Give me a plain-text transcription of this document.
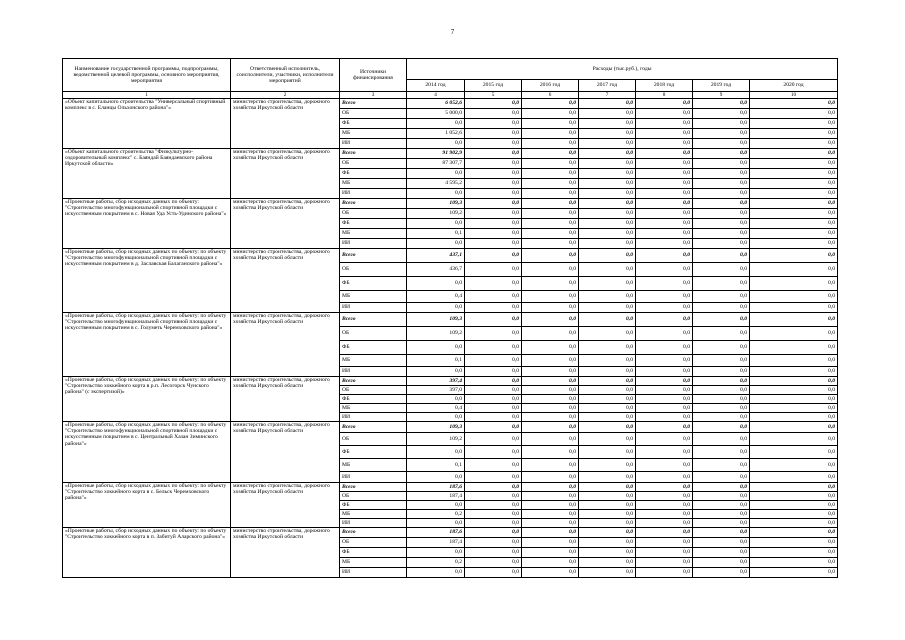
7
Наименование государственной программы, подпрограммы, ведомственной целевой программы, основного мероприятия, мероприятия	Ответственный исполнитель, соисполнители, участники, исполнители мероприятий	Источники финансирования	Расходы (тыс.руб.), годы						
			2014 год	2015 год	2016 год	2017 год	2018 год	2019 год	2020 год
1	2	3	4	5	6	7	8	9	10
«Объект капитального строительства "Универсальный спортивный комплекс в с. Еланцы Ольхонского района"»	министерство строительства, дорожного хозяйства Иркутской области	Всего	6 052,6	0,0	0,0	0,0	0,0	0,0	0,0
		ОБ	5 000,0	0,0	0,0	0,0	0,0	0,0	0,0
		ФБ	0,0	0,0	0,0	0,0	0,0	0,0	0,0
		МБ	1 052,6	0,0	0,0	0,0	0,0	0,0	0,0
		ИИ	0,0	0,0	0,0	0,0	0,0	0,0	0,0
«Объект капитального строительства "Физкультурно-оздоровительный комплекс" с. Баяндай Баяндаевского района Иркутской области»	министерство строительства, дорожного хозяйства Иркутской области	Всего	91 902,9	0,0	0,0	0,0	0,0	0,0	0,0
		ОБ	87 307,7	0,0	0,0	0,0	0,0	0,0	0,0
		ФБ	0,0	0,0	0,0	0,0	0,0	0,0	0,0
		МБ	4 595,2	0,0	0,0	0,0	0,0	0,0	0,0
		ИИ	0,0	0,0	0,0	0,0	0,0	0,0	0,0
«Проектные работы, сбор исходных данных по объекту: "Строительство многофункциональной спортивной площадки с искусственным покрытием в с. Новая Уда Усть-Удинского района"»	министерство строительства, дорожного хозяйства Иркутской области	Всего	109,3	0,0	0,0	0,0	0,0	0,0	0,0
		ОБ	109,2	0,0	0,0	0,0	0,0	0,0	0,0
		ФБ	0,0	0,0	0,0	0,0	0,0	0,0	0,0
		МБ	0,1	0,0	0,0	0,0	0,0	0,0	0,0
		ИИ	0,0	0,0	0,0	0,0	0,0	0,0	0,0
«Проектные работы, сбор исходных данных по объекту: по объекту "Строительство многофункциональной спортивной площадки с искусственным покрытием в д. Заславская Балаганского района"»	министерство строительства, дорожного хозяйства Иркутской области	Всего	437,1	0,0	0,0	0,0	0,0	0,0	0,0
		ОБ	436,7	0,0	0,0	0,0	0,0	0,0	0,0
		ФБ	0,0	0,0	0,0	0,0	0,0	0,0	0,0
		МБ	0,4	0,0	0,0	0,0	0,0	0,0	0,0
		ИИ	0,0	0,0	0,0	0,0	0,0	0,0	0,0
«Проектные работы, сбор исходных данных по объекту: по объекту "Строительство многофункциональной спортивной площадки с искусственным покрытием в с. Голуметь Черемховского района"»	министерство строительства, дорожного хозяйства Иркутской области	Всего	109,3	0,0	0,0	0,0	0,0	0,0	0,0
		ОБ	109,2	0,0	0,0	0,0	0,0	0,0	0,0
		ФБ	0,0	0,0	0,0	0,0	0,0	0,0	0,0
		МБ	0,1	0,0	0,0	0,0	0,0	0,0	0,0
		ИИ	0,0	0,0	0,0	0,0	0,0	0,0	0,0
«Проектные работы, сбор исходных данных по объекту: по объекту "Строительство хоккейного корта в р.п. Лесогорск Чунского района" (с экспертизой)»	министерство строительства, дорожного хозяйства Иркутской области	Всего	397,4	0,0	0,0	0,0	0,0	0,0	0,0
		ОБ	397,0	0,0	0,0	0,0	0,0	0,0	0,0
		ФБ	0,0	0,0	0,0	0,0	0,0	0,0	0,0
		МБ	0,4	0,0	0,0	0,0	0,0	0,0	0,0
		ИИ	0,0	0,0	0,0	0,0	0,0	0,0	0,0
«Проектные работы, сбор исходных данных по объекту: по объекту "Строительство многофункциональной спортивной площадки с искусственным покрытием в с. Центральный Хазан Зиминского района"»	министерство строительства, дорожного хозяйства Иркутской области	Всего	109,3	0,0	0,0	0,0	0,0	0,0	0,0
		ОБ	109,2	0,0	0,0	0,0	0,0	0,0	0,0
		ФБ	0,0	0,0	0,0	0,0	0,0	0,0	0,0
		МБ	0,1	0,0	0,0	0,0	0,0	0,0	0,0
		ИИ	0,0	0,0	0,0	0,0	0,0	0,0	0,0
«Проектные работы, сбор исходных данных по объекту: по объекту "Строительство хоккейного корта в с. Бельск Черемховского района"»	министерство строительства, дорожного хозяйства Иркутской области	Всего	187,6	0,0	0,0	0,0	0,0	0,0	0,0
		ОБ	187,4	0,0	0,0	0,0	0,0	0,0	0,0
		ФБ	0,0	0,0	0,0	0,0	0,0	0,0	0,0
		МБ	0,2	0,0	0,0	0,0	0,0	0,0	0,0
		ИИ	0,0	0,0	0,0	0,0	0,0	0,0	0,0
«Проектные работы, сбор исходных данных по объекту: по объекту "Строительство хоккейного корта в п. Забитуй Аларского района"»	министерство строительства, дорожного хозяйства Иркутской области	Всего	187,6	0,0	0,0	0,0	0,0	0,0	0,0
		ОБ	187,4	0,0	0,0	0,0	0,0	0,0	0,0
		ФБ	0,0	0,0	0,0	0,0	0,0	0,0	0,0
		МБ	0,2	0,0	0,0	0,0	0,0	0,0	0,0
		ИИ	0,0	0,0	0,0	0,0	0,0	0,0	0,0
